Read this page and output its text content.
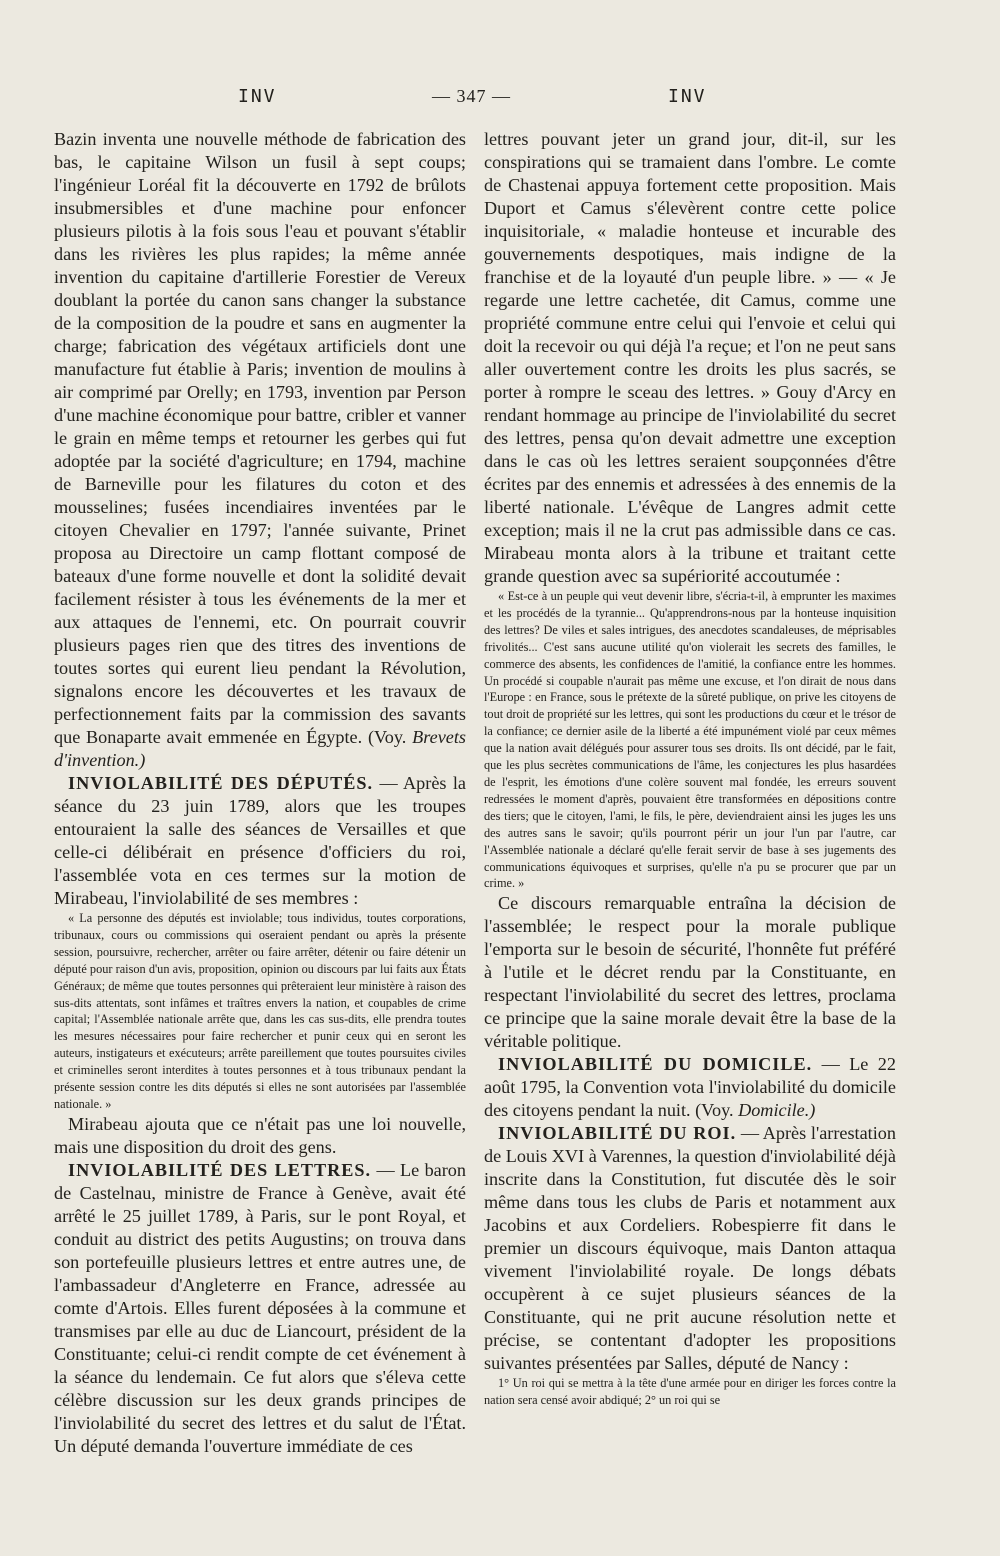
INV	— 347 —	INV

Bazin inventa une nouvelle méthode de fabrication des bas, le capitaine Wilson un fusil à sept coups; l'ingénieur Loréal fit la découverte en 1792 de brûlots insubmersibles et d'une machine pour enfoncer plusieurs pilotis à la fois sous l'eau et pouvant s'établir dans les rivières les plus rapides; la même année invention du capitaine d'artillerie Forestier de Vereux doublant la portée du canon sans changer la substance de la composition de la poudre et sans en augmenter la charge; fabrication des végétaux artificiels dont une manufacture fut établie à Paris; invention de moulins à air comprimé par Orelly; en 1793, invention par Person d'une machine économique pour battre, cribler et vanner le grain en même temps et retourner les gerbes qui fut adoptée par la société d'agriculture; en 1794, machine de Barneville pour les filatures du coton et des mousselines; fusées incendiaires inventées par le citoyen Chevalier en 1797; l'année suivante, Prinet proposa au Directoire un camp flottant composé de bateaux d'une forme nouvelle et dont la solidité devait facilement résister à tous les événements de la mer et aux attaques de l'ennemi, etc. On pourrait couvrir plusieurs pages rien que des titres des inventions de toutes sortes qui eurent lieu pendant la Révolution, signalons encore les découvertes et les travaux de perfectionnement faits par la commission des savants que Bonaparte avait emmenée en Égypte. (Voy. Brevets d'invention.)

INVIOLABILITÉ DES DÉPUTÉS. — Après la séance du 23 juin 1789, alors que les troupes entouraient la salle des séances de Versailles et que celle-ci délibérait en présence d'officiers du roi, l'assemblée vota en ces termes sur la motion de Mirabeau, l'inviolabilité de ses membres :

« La personne des députés est inviolable; tous individus, toutes corporations, tribunaux, cours ou commissions qui oseraient pendant ou après la présente session, poursuivre, rechercher, arrêter ou faire arrêter, détenir ou faire détenir un député pour raison d'un avis, proposition, opinion ou discours par lui faits aux États Généraux; de même que toutes personnes qui prêteraient leur ministère à raison des sus-dits attentats, sont infâmes et traîtres envers la nation, et coupables de crime capital; l'Assemblée nationale arrête que, dans les cas sus-dits, elle prendra toutes les mesures nécessaires pour faire rechercher et punir ceux qui en seront les auteurs, instigateurs et exécuteurs; arrête pareillement que toutes poursuites civiles et criminelles seront interdites à toutes personnes et à tous tribunaux pendant la présente session contre les dits députés si elles ne sont autorisées par l'assemblée nationale. »

Mirabeau ajouta que ce n'était pas une loi nouvelle, mais une disposition du droit des gens.

INVIOLABILITÉ DES LETTRES. — Le baron de Castelnau, ministre de France à Genève, avait été arrêté le 25 juillet 1789, à Paris, sur le pont Royal, et conduit au district des petits Augustins; on trouva dans son portefeuille plusieurs lettres et entre autres une, de l'ambassadeur d'Angleterre en France, adressée au comte d'Artois. Elles furent déposées à la commune et transmises par elle au duc de Liancourt, président de la Constituante; celui-ci rendit compte de cet événement à la séance du lendemain. Ce fut alors que s'éleva cette célèbre discussion sur les deux grands principes de l'inviolabilité du secret des lettres et du salut de l'État. Un député demanda l'ouverture immédiate de ces

lettres pouvant jeter un grand jour, dit-il, sur les conspirations qui se tramaient dans l'ombre. Le comte de Chastenai appuya fortement cette proposition. Mais Duport et Camus s'élevèrent contre cette police inquisitoriale, « maladie honteuse et incurable des gouvernements despotiques, mais indigne de la franchise et de la loyauté d'un peuple libre. » — « Je regarde une lettre cachetée, dit Camus, comme une propriété commune entre celui qui l'envoie et celui qui doit la recevoir ou qui déjà l'a reçue; et l'on ne peut sans aller ouvertement contre les droits les plus sacrés, se porter à rompre le sceau des lettres. » Gouy d'Arcy en rendant hommage au principe de l'inviolabilité du secret des lettres, pensa qu'on devait admettre une exception dans le cas où les lettres seraient soupçonnées d'être écrites par des ennemis et adressées à des ennemis de la liberté nationale. L'évêque de Langres admit cette exception; mais il ne la crut pas admissible dans ce cas. Mirabeau monta alors à la tribune et traitant cette grande question avec sa supériorité accoutumée :

« Est-ce à un peuple qui veut devenir libre, s'écria-t-il, à emprunter les maximes et les procédés de la tyrannie... Qu'apprendrons-nous par la honteuse inquisition des lettres? De viles et sales intrigues, des anecdotes scandaleuses, de méprisables frivolités... C'est sans aucune utilité qu'on violerait les secrets des familles, le commerce des absents, les confidences de l'amitié, la confiance entre les hommes. Un procédé si coupable n'aurait pas même une excuse, et l'on dirait de nous dans l'Europe : en France, sous le prétexte de la sûreté publique, on prive les citoyens de tout droit de propriété sur les lettres, qui sont les productions du cœur et le trésor de la confiance; ce dernier asile de la liberté a été impunément violé par ceux mêmes que la nation avait délégués pour assurer tous ses droits. Ils ont décidé, par le fait, que les plus secrètes communications de l'âme, les conjectures les plus hasardées de l'esprit, les émotions d'une colère souvent mal fondée, les erreurs souvent redressées le moment d'après, pouvaient être transformées en dépositions contre des tiers; que le citoyen, l'ami, le fils, le père, deviendraient ainsi les juges les uns des autres sans le savoir; qu'ils pourront périr un jour l'un par l'autre, car l'Assemblée nationale a déclaré qu'elle ferait servir de base à ses jugements des communications équivoques et surprises, qu'elle n'a pu se procurer que par un crime. »

Ce discours remarquable entraîna la décision de l'assemblée; le respect pour la morale publique l'emporta sur le besoin de sécurité, l'honnête fut préféré à l'utile et le décret rendu par la Constituante, en respectant l'inviolabilité du secret des lettres, proclama ce principe que la saine morale devait être la base de la véritable politique.

INVIOLABILITÉ DU DOMICILE. — Le 22 août 1795, la Convention vota l'inviolabilité du domicile des citoyens pendant la nuit. (Voy. Domicile.)

INVIOLABILITÉ DU ROI. — Après l'arrestation de Louis XVI à Varennes, la question d'inviolabilité déjà inscrite dans la Constitution, fut discutée dès le soir même dans tous les clubs de Paris et notamment aux Jacobins et aux Cordeliers. Robespierre fit dans le premier un discours équivoque, mais Danton attaqua vivement l'inviolabilité royale. De longs débats occupèrent à ce sujet plusieurs séances de la Constituante, qui ne prit aucune résolution nette et précise, se contentant d'adopter les propositions suivantes présentées par Salles, député de Nancy :

1° Un roi qui se mettra à la tête d'une armée pour en diriger les forces contre la nation sera censé avoir abdiqué; 2° un roi qui se
